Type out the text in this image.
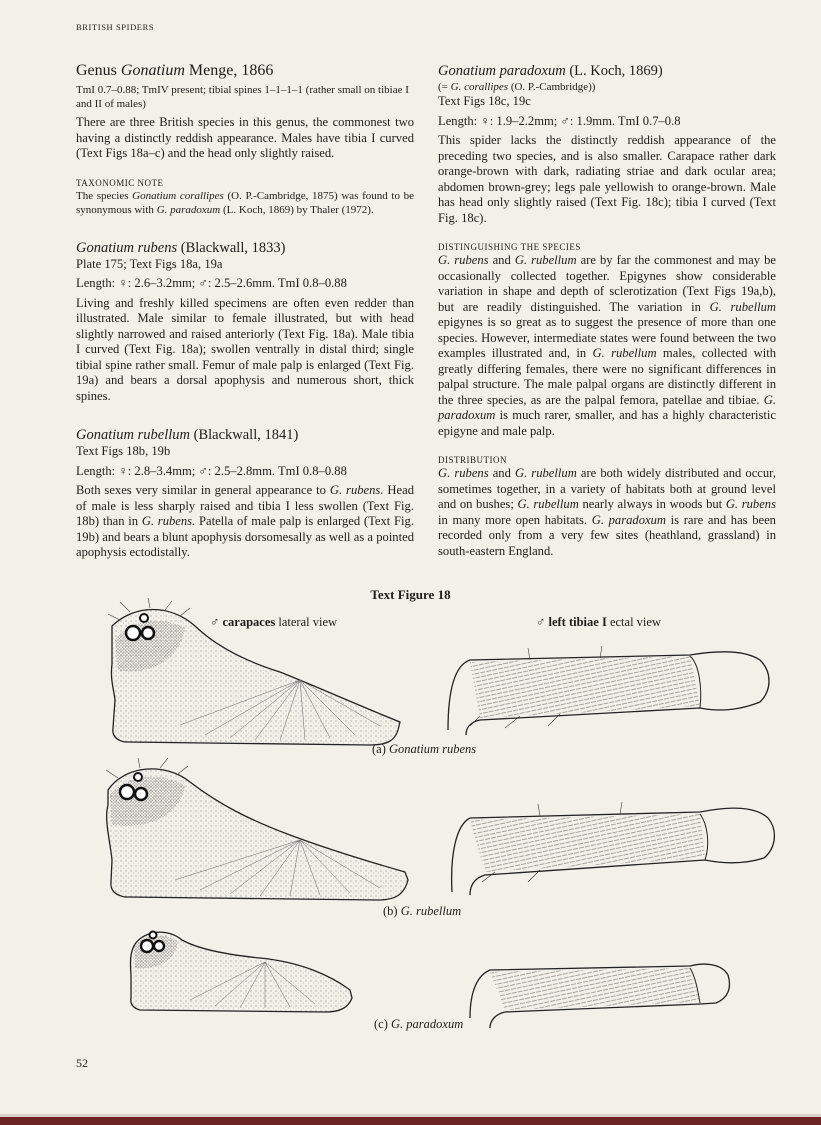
BRITISH SPIDERS

Genus Gonatium Menge, 1866

TmI 0.7–0.88; TmIV present; tibial spines 1–1–1–1 (rather small on tibiae I and II of males)

There are three British species in this genus, the commonest two having a distinctly reddish appearance. Males have tibia I curved (Text Figs 18a–c) and the head only slightly raised.

TAXONOMIC NOTE

The species Gonatium corallipes (O. P.-Cambridge, 1875) was found to be synonymous with G. paradoxum (L. Koch, 1869) by Thaler (1972).

Gonatium rubens (Blackwall, 1833)

Plate 175; Text Figs 18a, 19a

Length: ♀: 2.6–3.2mm; ♂: 2.5–2.6mm. TmI 0.8–0.88

Living and freshly killed specimens are often even redder than illustrated. Male similar to female illustrated, but with head slightly narrowed and raised anteriorly (Text Fig. 18a). Male tibia I curved (Text Fig. 18a); swollen ventrally in distal third; single tibial spine rather small. Femur of male palp is enlarged (Text Fig. 19a) and bears a dorsal apophysis and numerous short, thick spines.

Gonatium rubellum (Blackwall, 1841)

Text Figs 18b, 19b

Length: ♀: 2.8–3.4mm; ♂: 2.5–2.8mm. TmI 0.8–0.88

Both sexes very similar in general appearance to G. rubens. Head of male is less sharply raised and tibia I less swollen (Text Fig. 18b) than in G. rubens. Patella of male palp is enlarged (Text Fig. 19b) and bears a blunt apophysis dorsomesally as well as a pointed apophysis ectodistally.

Gonatium paradoxum (L. Koch, 1869)

(= G. corallipes (O. P.-Cambridge))

Text Figs 18c, 19c

Length: ♀: 1.9–2.2mm; ♂: 1.9mm. TmI 0.7–0.8

This spider lacks the distinctly reddish appearance of the preceding two species, and is also smaller. Carapace rather dark orange-brown with dark, radiating striae and dark ocular area; abdomen brown-grey; legs pale yellowish to orange-brown. Male has head only slightly raised (Text Fig. 18c); tibia I curved (Text Fig. 18c).

DISTINGUISHING THE SPECIES

G. rubens and G. rubellum are by far the commonest and may be occasionally collected together. Epigynes show considerable variation in shape and depth of sclerotization (Text Figs 19a,b), but are readily distinguished. The variation in G. rubellum epigynes is so great as to suggest the presence of more than one species. However, intermediate states were found between the two examples illustrated and, in G. rubellum males, collected with greatly differing females, there were no significant differences in palpal structure. The male palpal organs are distinctly different in the three species, as are the palpal femora, patellae and tibiae. G. paradoxum is much rarer, smaller, and has a highly characteristic epigyne and male palp.

DISTRIBUTION

G. rubens and G. rubellum are both widely distributed and occur, sometimes together, in a variety of habitats both at ground level and on bushes; G. rubellum nearly always in woods but G. rubens in many more open habitats. G. paradoxum is rare and has been recorded only from a very few sites (heathland, grassland) in south-eastern England.

Text Figure 18
♂ carapaces lateral view	♂ left tibiae I ectal view
(a) Gonatium rubens
(b) G. rubellum
(c) G. paradoxum
52
